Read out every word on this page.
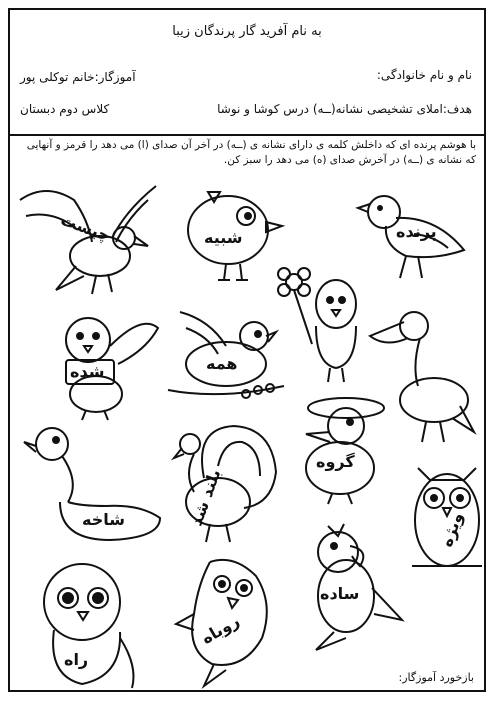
به نام آفرید گار پرندگان زیبا
نام و نام خانوادگی:
آموزگار:خانم توکلی پور
هدف:املای تشخیصی نشانه(ــه) درس کوشا و نوشا
کلاس دوم دبستان
با هوشم پرنده ای که داخلش کلمه ی دارای نشانه ی (ــه) در آخر آن صدای (ا) می دهد را قرمز و آنهایی که نشانه ی (ــه) در آخرش صدای (ه) می دهد را سبز کن.
شبیه	پرنده
چیست
شده	همه
شاخه	بلند شد
گروه
ویژه
راه
روباه
ساده
بازخورد آموزگار:
